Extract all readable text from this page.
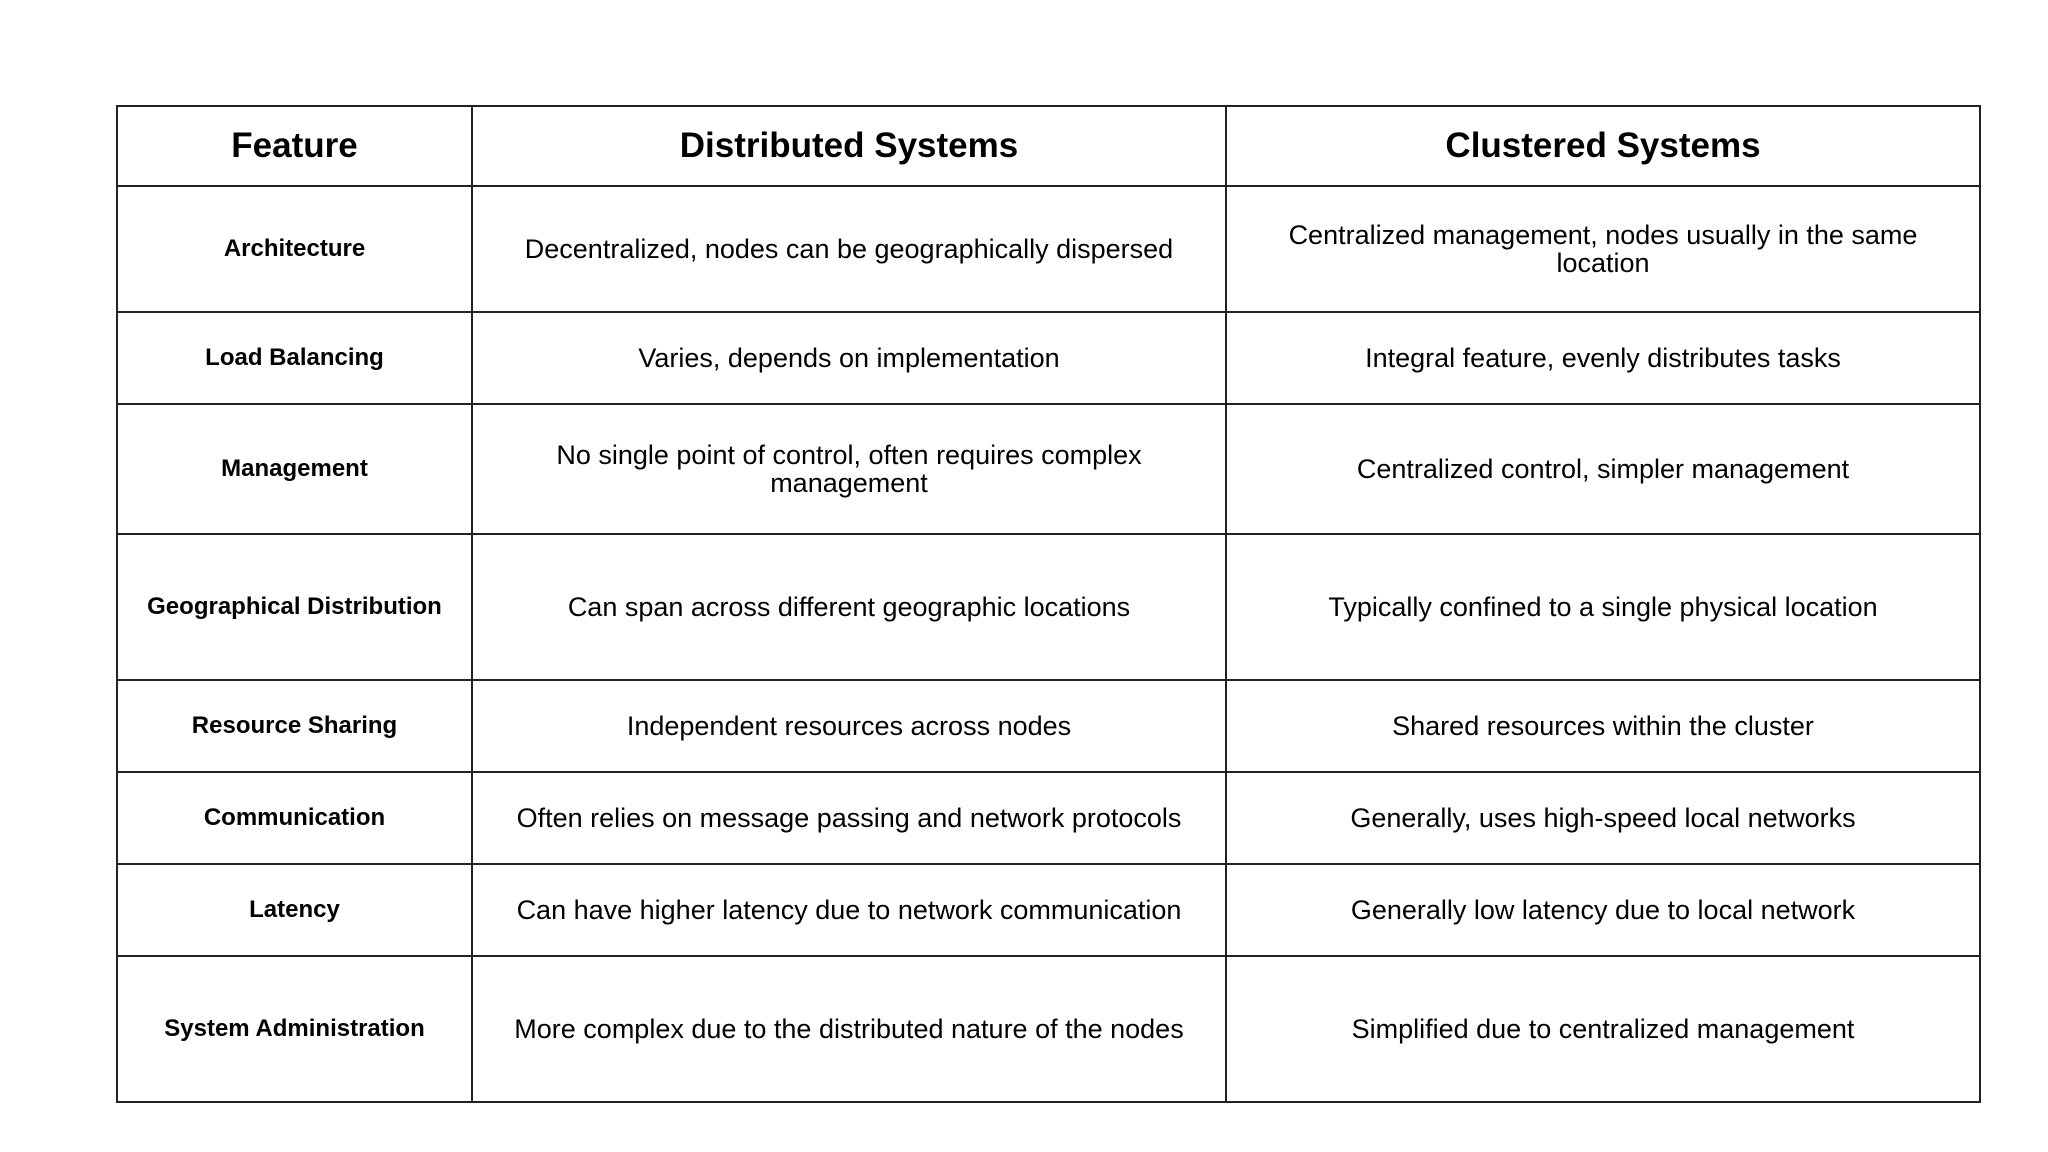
Feature	Distributed Systems	Clustered Systems
Architecture	Decentralized, nodes can be geographically dispersed	Centralized management, nodes usually in the same location
Load Balancing	Varies, depends on implementation	Integral feature, evenly distributes tasks
Management	No single point of control, often requires complex management	Centralized control, simpler management
Geographical Distribution	Can span across different geographic locations	Typically confined to a single physical location
Resource Sharing	Independent resources across nodes	Shared resources within the cluster
Communication	Often relies on message passing and network protocols	Generally, uses high-speed local networks
Latency	Can have higher latency due to network communication	Generally low latency due to local network
System Administration	More complex due to the distributed nature of the nodes	Simplified due to centralized management
